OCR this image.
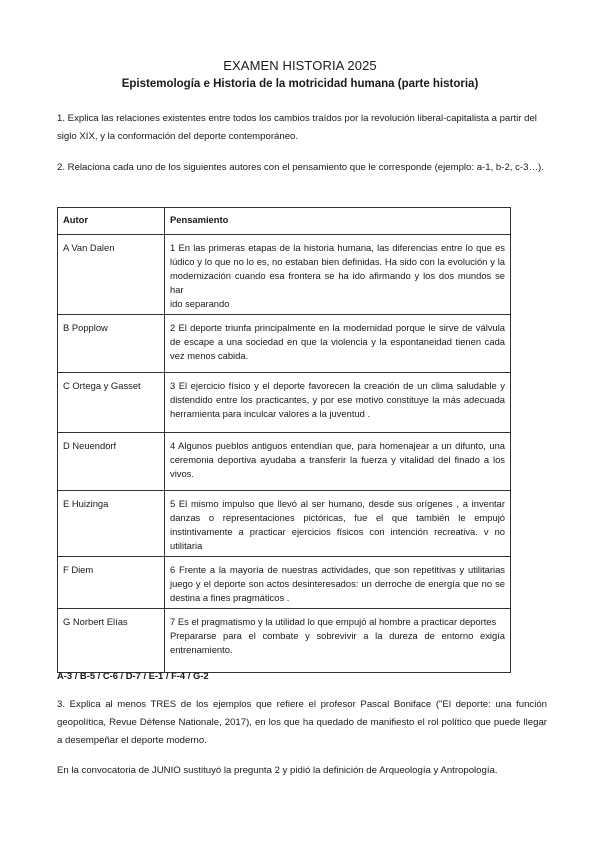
EXAMEN HISTORIA 2025
Epistemología e Historia de la motricidad humana (parte historia)
1. Explica las relaciones existentes entre todos los cambios traídos por la revolución liberal-capitalista a partir del siglo XIX, y la conformación del deporte contemporáneo.
2. Relaciona cada uno de los siguientes autores con el pensamiento que le corresponde (ejemplo: a-1, b-2, c-3…).
Autor	Pensamiento
A Van Dalen	1 En las primeras etapas de la historia humana, las diferencias entre lo que es lúdico y lo que no lo es, no estaban bien definidas. Ha sido con la evolución y la modernización cuando esa frontera se ha ido afirmando y los dos mundos se har
ido separando

B Popplow	2 El deporte triunfa principalmente en la modernidad porque le sirve de válvula de escape a una sociedad en que la violencia y la espontaneidad tienen cada vez menos cabida.

C Ortega y Gasset	3 El ejercicio físico y el deporte favorecen la creación de un clima saludable y distendido entre los practicantes, y por ese motivo constituye la más adecuada herramienta para inculcar valores a la juventud .

D Neuendorf	4 Algunos pueblos antiguos entendían que, para homenajear a un difunto, una ceremonia deportiva ayudaba a transferir la fuerza y vitalidad del finado a los vivos.

E Huizinga	5 El mismo impulso que llevó al ser humano, desde sus orígenes , a inventar danzas o representaciones pictóricas, fue el que también le empujó instintivamente a practicar ejercicios físicos con intención recreativa. v no utilitaria

F Diem	6 Frente a la mayoría de nuestras actividades, que son repetitivas y utilitarias juego y el deporte son actos desinteresados: un derroche de energía que no se destina a fines pragmáticos .

G Norbert Elías	7 Es el pragmatismo y la utilidad lo que empujó al hombre a practicar deportes
Prepararse para el combate y sobrevivir a la dureza de entorno exigía entrenamiento.
A-3 / B-5 / C-6 / D-7 / E-1 / F-4 / G-2
3. Explica al menos TRES de los ejemplos que refiere el profesor Pascal Boniface ("El deporte: una función geopolítica, Revue Défense Nationale, 2017), en los que ha quedado de manifiesto el rol político que puede llegar a desempeñar el deporte moderno.
En la convocatoria de JUNIO sustituyó la pregunta 2 y pidió la definición de Arqueología y Antropología.
